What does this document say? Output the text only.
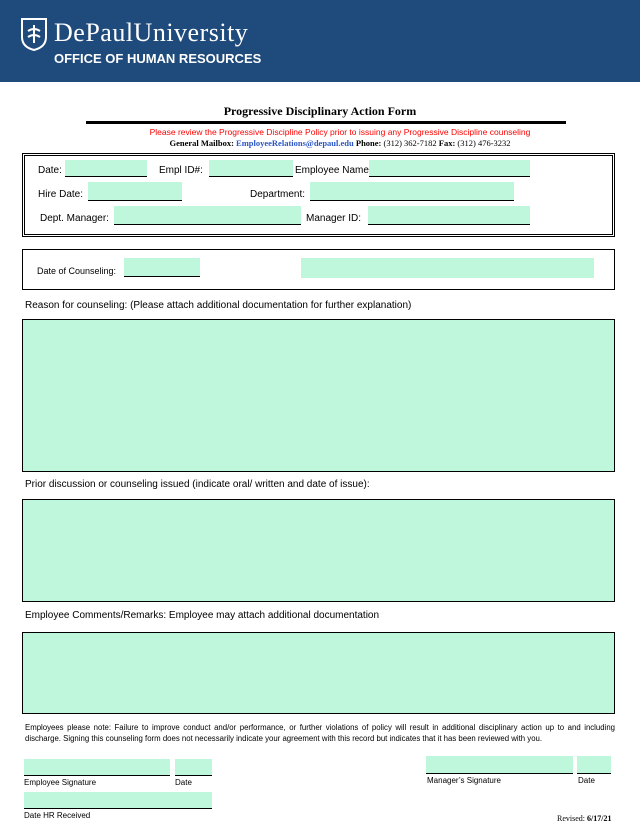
DePaulUniversity
OFFICE OF HUMAN RESOURCES
Progressive Disciplinary Action Form
Please review the Progressive Discipline Policy prior to issuing any Progressive Discipline counseling
General Mailbox: EmployeeRelations@depaul.edu Phone: (312) 362-7182 Fax: (312) 476-3232
Date:	Empl ID#:	Employee Name
Hire Date:	Department:
Dept. Manager:	Manager ID:
Date of Counseling:
Reason for counseling: (Please attach additional documentation for further explanation)
Prior discussion or counseling issued (indicate oral/ written and date of issue):
Employee Comments/Remarks: Employee may attach additional documentation
Employees please note: Failure to improve conduct and/or performance, or further violations of policy will result in additional disciplinary action up to and including discharge. Signing this counseling form does not necessarily indicate your agreement with this record but indicates that it has been reviewed with you.
Employee Signature	Date	Manager’s Signature	Date
Date HR Received	Revised: 6/17/21
